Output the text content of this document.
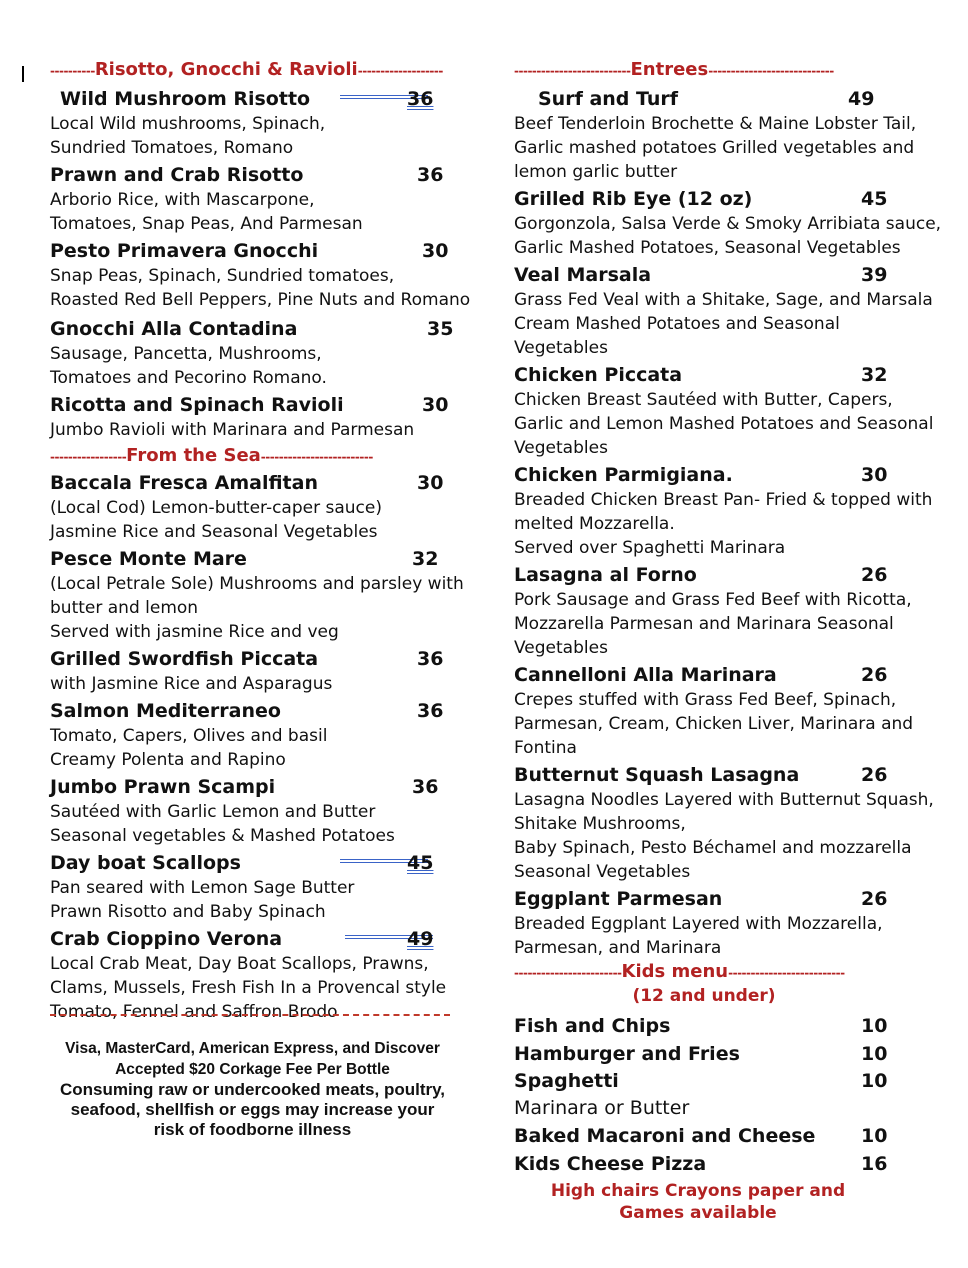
----------Risotto, Gnocchi & Ravioli-------------------
Wild Mushroom Risotto	36
Local Wild mushrooms, Spinach,
Sundried Tomatoes, Romano
Prawn and Crab Risotto	36
Arborio Rice, with Mascarpone,
Tomatoes, Snap Peas, And Parmesan
Pesto Primavera Gnocchi	30
Snap Peas, Spinach, Sundried tomatoes,
Roasted Red Bell Peppers, Pine Nuts and Romano
Gnocchi Alla Contadina	35
Sausage, Pancetta, Mushrooms,
Tomatoes and Pecorino Romano.
Ricotta and Spinach Ravioli	30
Jumbo Ravioli with Marinara and Parmesan
-----------------From the Sea-------------------------
Baccala Fresca Amalfitan	30
(Local Cod) Lemon-butter-caper sauce)
Jasmine Rice and Seasonal Vegetables
Pesce Monte Mare	32
(Local Petrale Sole) Mushrooms and parsley with
butter and lemon
Served with jasmine Rice and veg
Grilled Swordfish Piccata	36
with Jasmine Rice and Asparagus
Salmon Mediterraneo	36
Tomato, Capers, Olives and basil
Creamy Polenta and Rapino
Jumbo Prawn Scampi	36
Sautéed with Garlic Lemon and Butter
Seasonal vegetables & Mashed Potatoes
Day boat Scallops	45
Pan seared with Lemon Sage Butter
Prawn Risotto and Baby Spinach
Crab Cioppino Verona	49
Local Crab Meat, Day Boat Scallops, Prawns,
Clams, Mussels, Fresh Fish In a Provencal style
Tomato, Fennel and Saffron Brodo
Visa, MasterCard, American Express, and Discover
Accepted $20 Corkage Fee Per Bottle
Consuming raw or undercooked meats, poultry,
seafood, shellfish or eggs may increase your
risk of foodborne illness
--------------------------Entrees----------------------------
Surf and Turf	49
Beef Tenderloin Brochette & Maine Lobster Tail,
Garlic mashed potatoes Grilled vegetables and
lemon garlic butter
Grilled Rib Eye (12 oz)	45
Gorgonzola, Salsa Verde & Smoky Arribiata sauce,
Garlic Mashed Potatoes, Seasonal Vegetables
Veal Marsala	39
Grass Fed Veal with a Shitake, Sage, and Marsala
Cream Mashed Potatoes and Seasonal
Vegetables
Chicken Piccata	32
Chicken Breast Sautéed with Butter, Capers,
Garlic and Lemon Mashed Potatoes and Seasonal
Vegetables
Chicken Parmigiana.	30
Breaded Chicken Breast Pan- Fried & topped with
melted Mozzarella.
Served over Spaghetti Marinara
Lasagna al Forno	26
Pork Sausage and Grass Fed Beef with Ricotta,
Mozzarella Parmesan and Marinara Seasonal
Vegetables
Cannelloni Alla Marinara	26
Crepes stuffed with Grass Fed Beef, Spinach,
Parmesan, Cream, Chicken Liver, Marinara and
Fontina
Butternut Squash Lasagna	26
Lasagna Noodles Layered with Butternut Squash,
Shitake Mushrooms,
Baby Spinach, Pesto Béchamel and mozzarella
Seasonal Vegetables
Eggplant Parmesan	26
Breaded Eggplant Layered with Mozzarella,
Parmesan, and Marinara
------------------------Kids menu--------------------------
(12 and under)
Fish and Chips	10
Hamburger and Fries	10
Spaghetti	10
Marinara or Butter
Baked Macaroni and Cheese	10
Kids Cheese Pizza	16
High chairs Crayons paper and
Games available
